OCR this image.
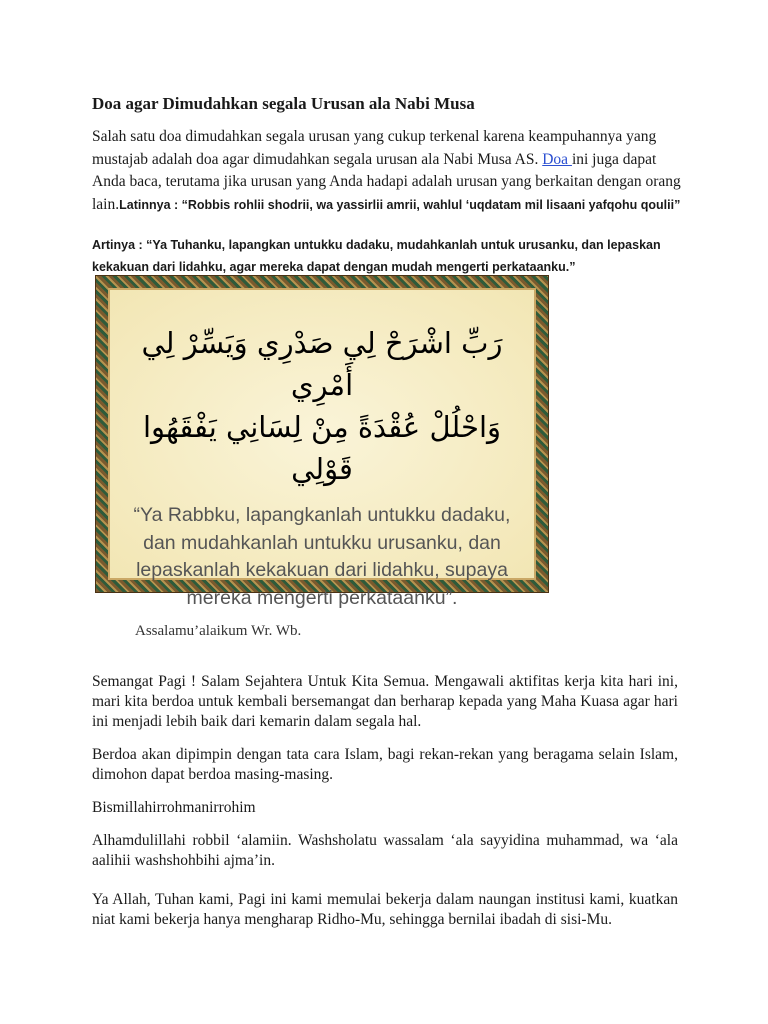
Doa agar Dimudahkan segala Urusan ala Nabi Musa

Salah satu doa dimudahkan segala urusan yang cukup terkenal karena keampuhannya yang mustajab adalah doa agar dimudahkan segala urusan ala Nabi Musa AS. Doa ini juga dapat Anda baca, terutama jika urusan yang Anda hadapi adalah urusan yang berkaitan dengan orang lain.Latinnya : “Robbis rohlii shodrii, wa yassirlii amrii, wahlul ‘uqdatam mil lisaani yafqohu qoulii”

Artinya : “Ya Tuhanku, lapangkan untukku dadaku, mudahkanlah untuk urusanku, dan lepaskan kekakuan dari lidahku, agar mereka dapat dengan mudah mengerti perkataanku.”

رَبِّ اشْرَحْ لِي صَدْرِي وَيَسِّرْ لِي أَمْرِي
وَاحْلُلْ عُقْدَةً مِنْ لِسَانِي يَفْقَهُوا قَوْلِي

“Ya Rabbku, lapangkanlah untukku dadaku, dan mudahkanlah untukku urusanku, dan lepaskanlah kekakuan dari lidahku, supaya mereka mengerti perkataanku”.

Assalamu’alaikum Wr. Wb.

Semangat Pagi ! Salam Sejahtera Untuk Kita Semua. Mengawali aktifitas kerja kita hari ini, mari kita berdoa untuk kembali bersemangat dan berharap kepada yang Maha Kuasa agar hari ini menjadi lebih baik dari kemarin dalam segala hal.

Berdoa akan dipimpin dengan tata cara Islam, bagi rekan-rekan yang beragama selain Islam, dimohon dapat berdoa masing-masing.

Bismillahirrohmanirrohim

Alhamdulillahi robbil ‘alamiin. Washsholatu wassalam ‘ala sayyidina muhammad, wa ‘ala aalihii washshohbihi ajma’in.

Ya Allah, Tuhan kami, Pagi ini kami memulai bekerja dalam naungan institusi kami, kuatkan niat kami bekerja hanya mengharap Ridho-Mu, sehingga bernilai ibadah di sisi-Mu.
